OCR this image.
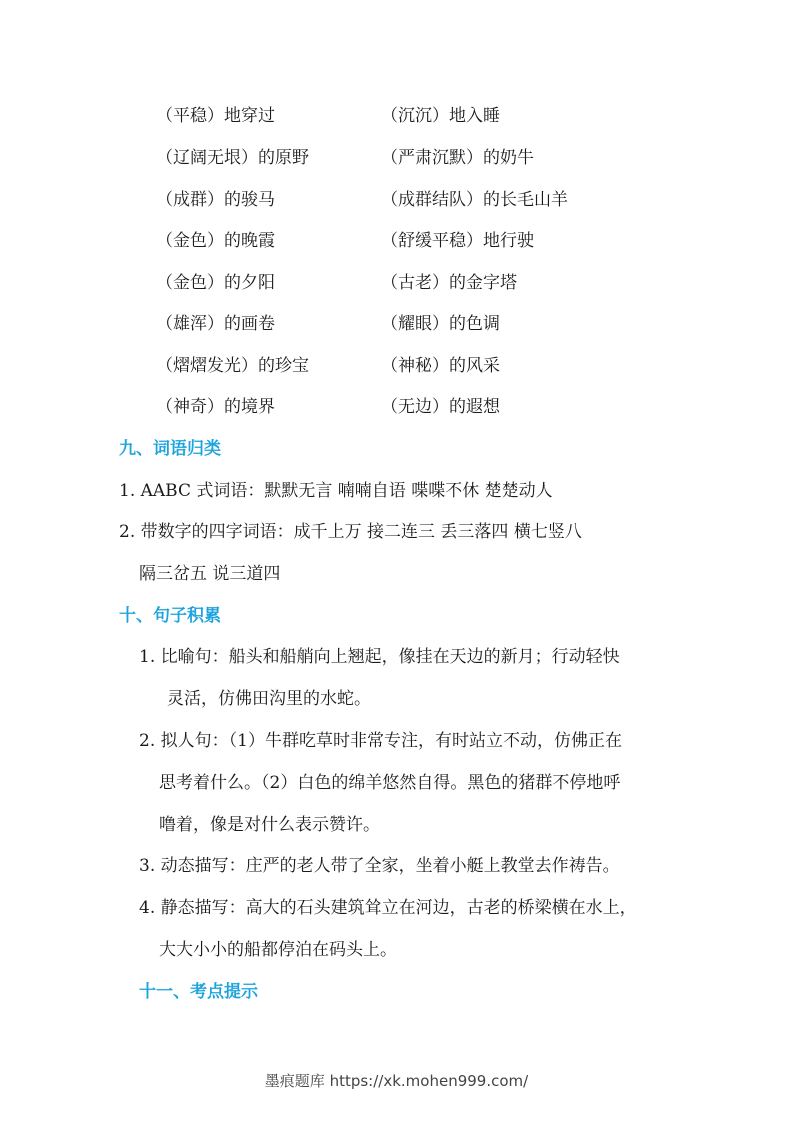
（平稳）地穿过	（沉沉）地入睡
（辽阔无垠）的原野	（严肃沉默）的奶牛
（成群）的骏马	（成群结队）的长毛山羊
（金色）的晚霞	（舒缓平稳）地行驶
（金色）的夕阳	（古老）的金字塔
（雄浑）的画卷	（耀眼）的色调
（熠熠发光）的珍宝	（神秘）的风采
（神奇）的境界	（无边）的遐想
九、词语归类
1. AABC 式词语：默默无言 喃喃自语 喋喋不休 楚楚动人
2. 带数字的四字词语：成千上万 接二连三 丢三落四 横七竖八
隔三岔五 说三道四
十、句子积累
1. 比喻句：船头和船艄向上翘起，像挂在天边的新月；行动轻快
灵活，仿佛田沟里的水蛇。
2. 拟人句：（1）牛群吃草时非常专注，有时站立不动，仿佛正在
思考着什么。（2）白色的绵羊悠然自得。黑色的猪群不停地呼
噜着，像是对什么表示赞许。
3. 动态描写：庄严的老人带了全家，坐着小艇上教堂去作祷告。
4. 静态描写：高大的石头建筑耸立在河边，古老的桥梁横在水上，
大大小小的船都停泊在码头上。
十一、考点提示
墨痕题库 https://xk.mohen999.com/
